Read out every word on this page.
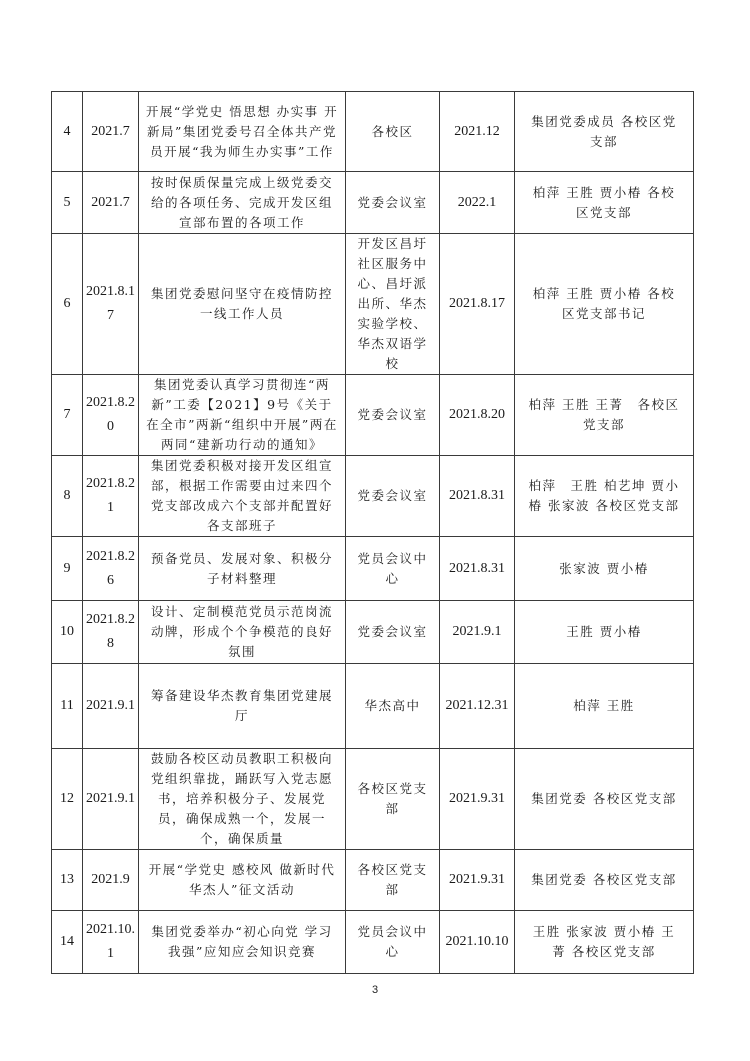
4	2021.7	开展“学党史 悟思想 办实事 开新局”集团党委号召全体共产党员开展“我为师生办实事”工作	各校区	2021.12	集团党委成员 各校区党支部
5	2021.7	按时保质保量完成上级党委交给的各项任务、完成开发区组宣部布置的各项工作	党委会议室	2022.1	柏萍 王胜 贾小椿 各校区党支部
6	2021.8.17	集团党委慰问坚守在疫情防控一线工作人员	开发区昌圩社区服务中心、昌圩派出所、华杰实验学校、华杰双语学校	2021.8.17	柏萍 王胜 贾小椿 各校区党支部书记
7	2021.8.20	集团党委认真学习贯彻连“两新”工委【2021】9号《关于在全市”两新“组织中开展”两在两同“建新功行动的通知》	党委会议室	2021.8.20	柏萍 王胜 王菁　各校区党支部
8	2021.8.21	集团党委积极对接开发区组宣部，根据工作需要由过来四个党支部改成六个支部并配置好各支部班子	党委会议室	2021.8.31	柏萍　王胜 柏艺坤 贾小椿 张家波 各校区党支部
9	2021.8.26	预备党员、发展对象、积极分子材料整理	党员会议中心	2021.8.31	张家波 贾小椿
10	2021.8.28	设计、定制模范党员示范岗流动牌，形成个个争模范的良好氛围	党委会议室	2021.9.1	王胜 贾小椿
11	2021.9.1	筹备建设华杰教育集团党建展厅	华杰高中	2021.12.31	柏萍 王胜
12	2021.9.1	鼓励各校区动员教职工积极向党组织靠拢，踊跃写入党志愿书，培养积极分子、发展党员，确保成熟一个，发展一个，确保质量	各校区党支部	2021.9.31	集团党委 各校区党支部
13	2021.9	开展“学党史 感校风 做新时代华杰人”征文活动	各校区党支部	2021.9.31	集团党委 各校区党支部
14	2021.10.1	集团党委举办“初心向党 学习我强”应知应会知识竞赛	党员会议中心	2021.10.10	王胜 张家波 贾小椿 王菁 各校区党支部
3
